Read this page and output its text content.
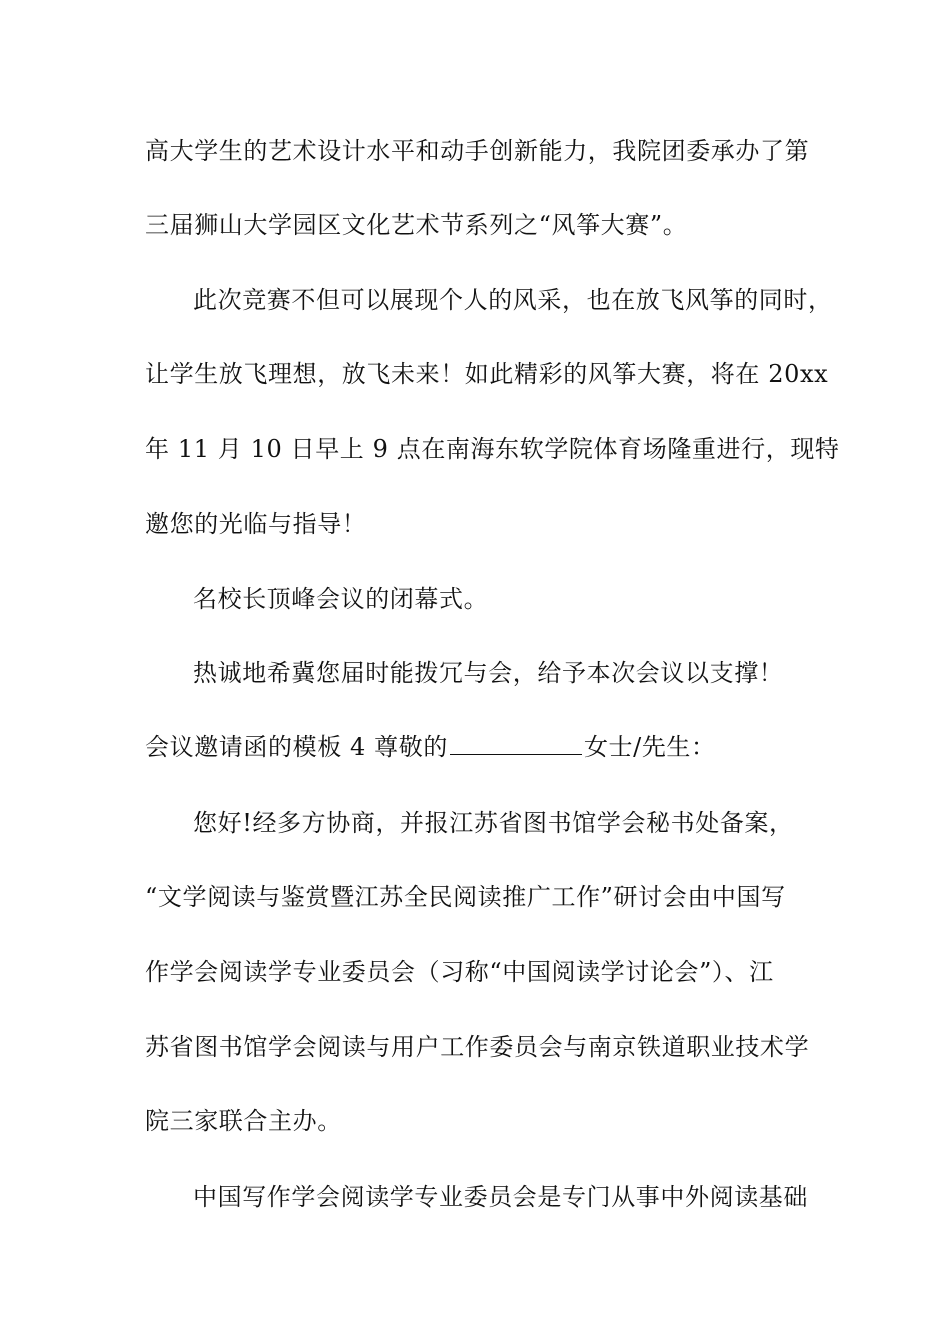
高大学生的艺术设计水平和动手创新能力，我院团委承办了第
三届狮山大学园区文化艺术节系列之“风筝大赛”。
此次竞赛不但可以展现个人的风采，也在放飞风筝的同时，
让学生放飞理想，放飞未来！如此精彩的风筝大赛，将在 20xx
年 11 月 10 日早上 9 点在南海东软学院体育场隆重进行，现特
邀您的光临与指导！
名校长顶峰会议的闭幕式。
热诚地希冀您届时能拨冗与会，给予本次会议以支撑！
会议邀请函的模板 4 尊敬的	女士/先生：
您好!经多方协商，并报江苏省图书馆学会秘书处备案，
“文学阅读与鉴赏暨江苏全民阅读推广工作”研讨会由中国写
作学会阅读学专业委员会（习称“中国阅读学讨论会”）、江
苏省图书馆学会阅读与用户工作委员会与南京铁道职业技术学
院三家联合主办。
中国写作学会阅读学专业委员会是专门从事中外阅读基础
